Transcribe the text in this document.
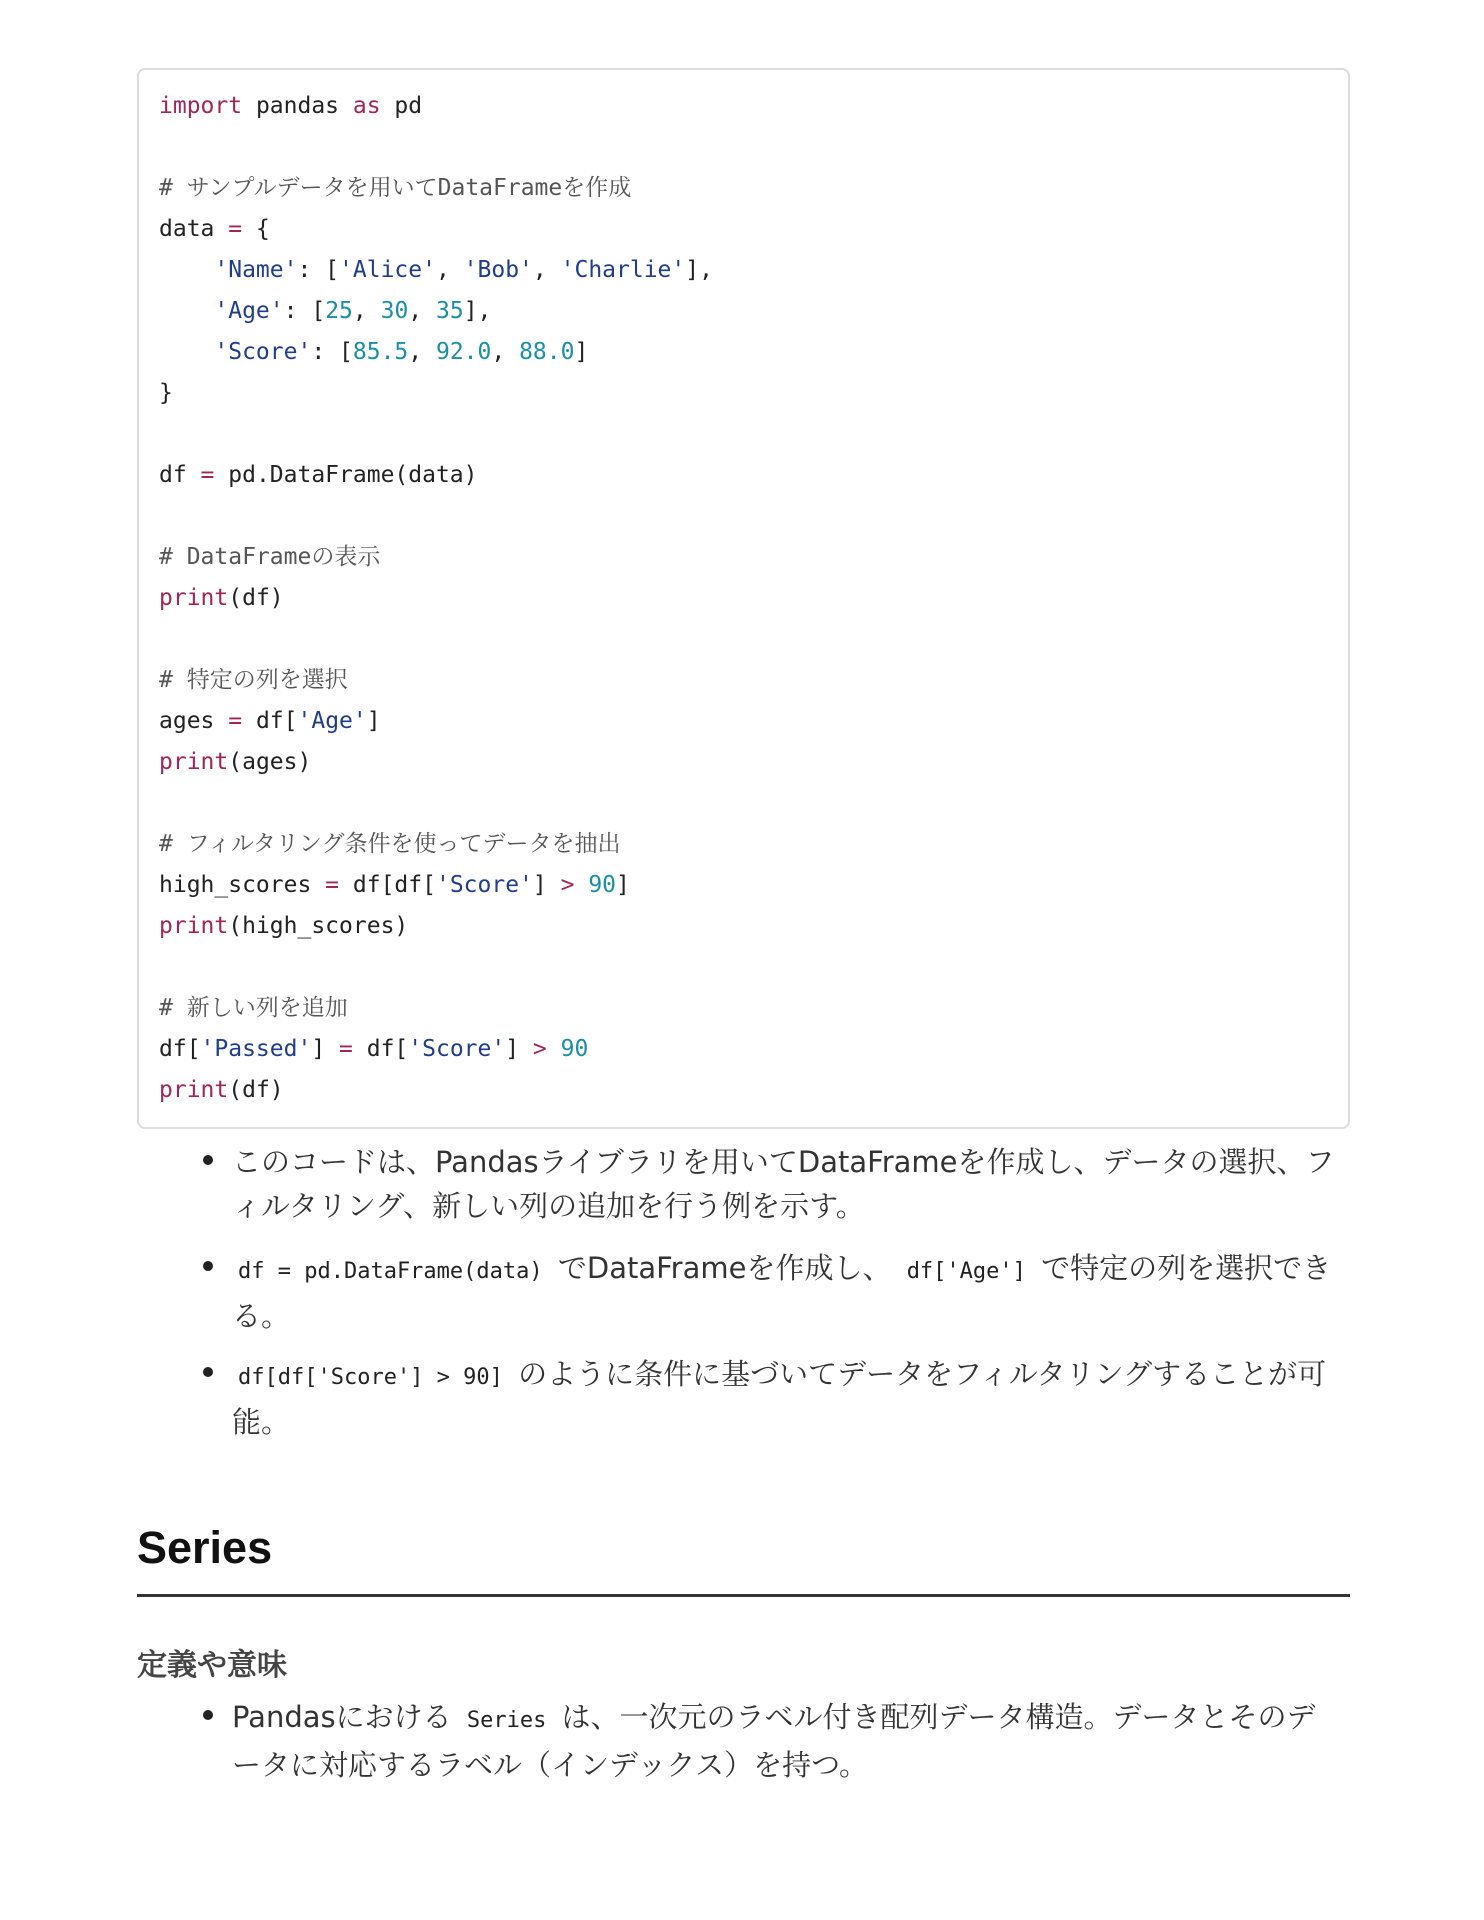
import pandas as pd
# サンプルデータを用いてDataFrameを作成
data = {
'Name': ['Alice', 'Bob', 'Charlie'],
'Age': [25, 30, 35],
'Score': [85.5, 92.0, 88.0]
}
df = pd.DataFrame(data)
# DataFrameの表示
print(df)
# 特定の列を選択
ages = df['Age']
print(ages)
# フィルタリング条件を使ってデータを抽出
high_scores = df[df['Score'] > 90]
print(high_scores)
# 新しい列を追加
df['Passed'] = df['Score'] > 90
print(df)
このコードは、Pandasライブラリを用いてDataFrameを作成し、データの選択、フィルタリング、新しい列の追加を行う例を示す。
df = pd.DataFrame(data) でDataFrameを作成し、 df['Age'] で特定の列を選択できる。
df[df['Score'] > 90] のように条件に基づいてデータをフィルタリングすることが可能。
Series
定義や意味
Pandasにおける Series は、一次元のラベル付き配列データ構造。データとそのデータに対応するラベル（インデックス）を持つ。
